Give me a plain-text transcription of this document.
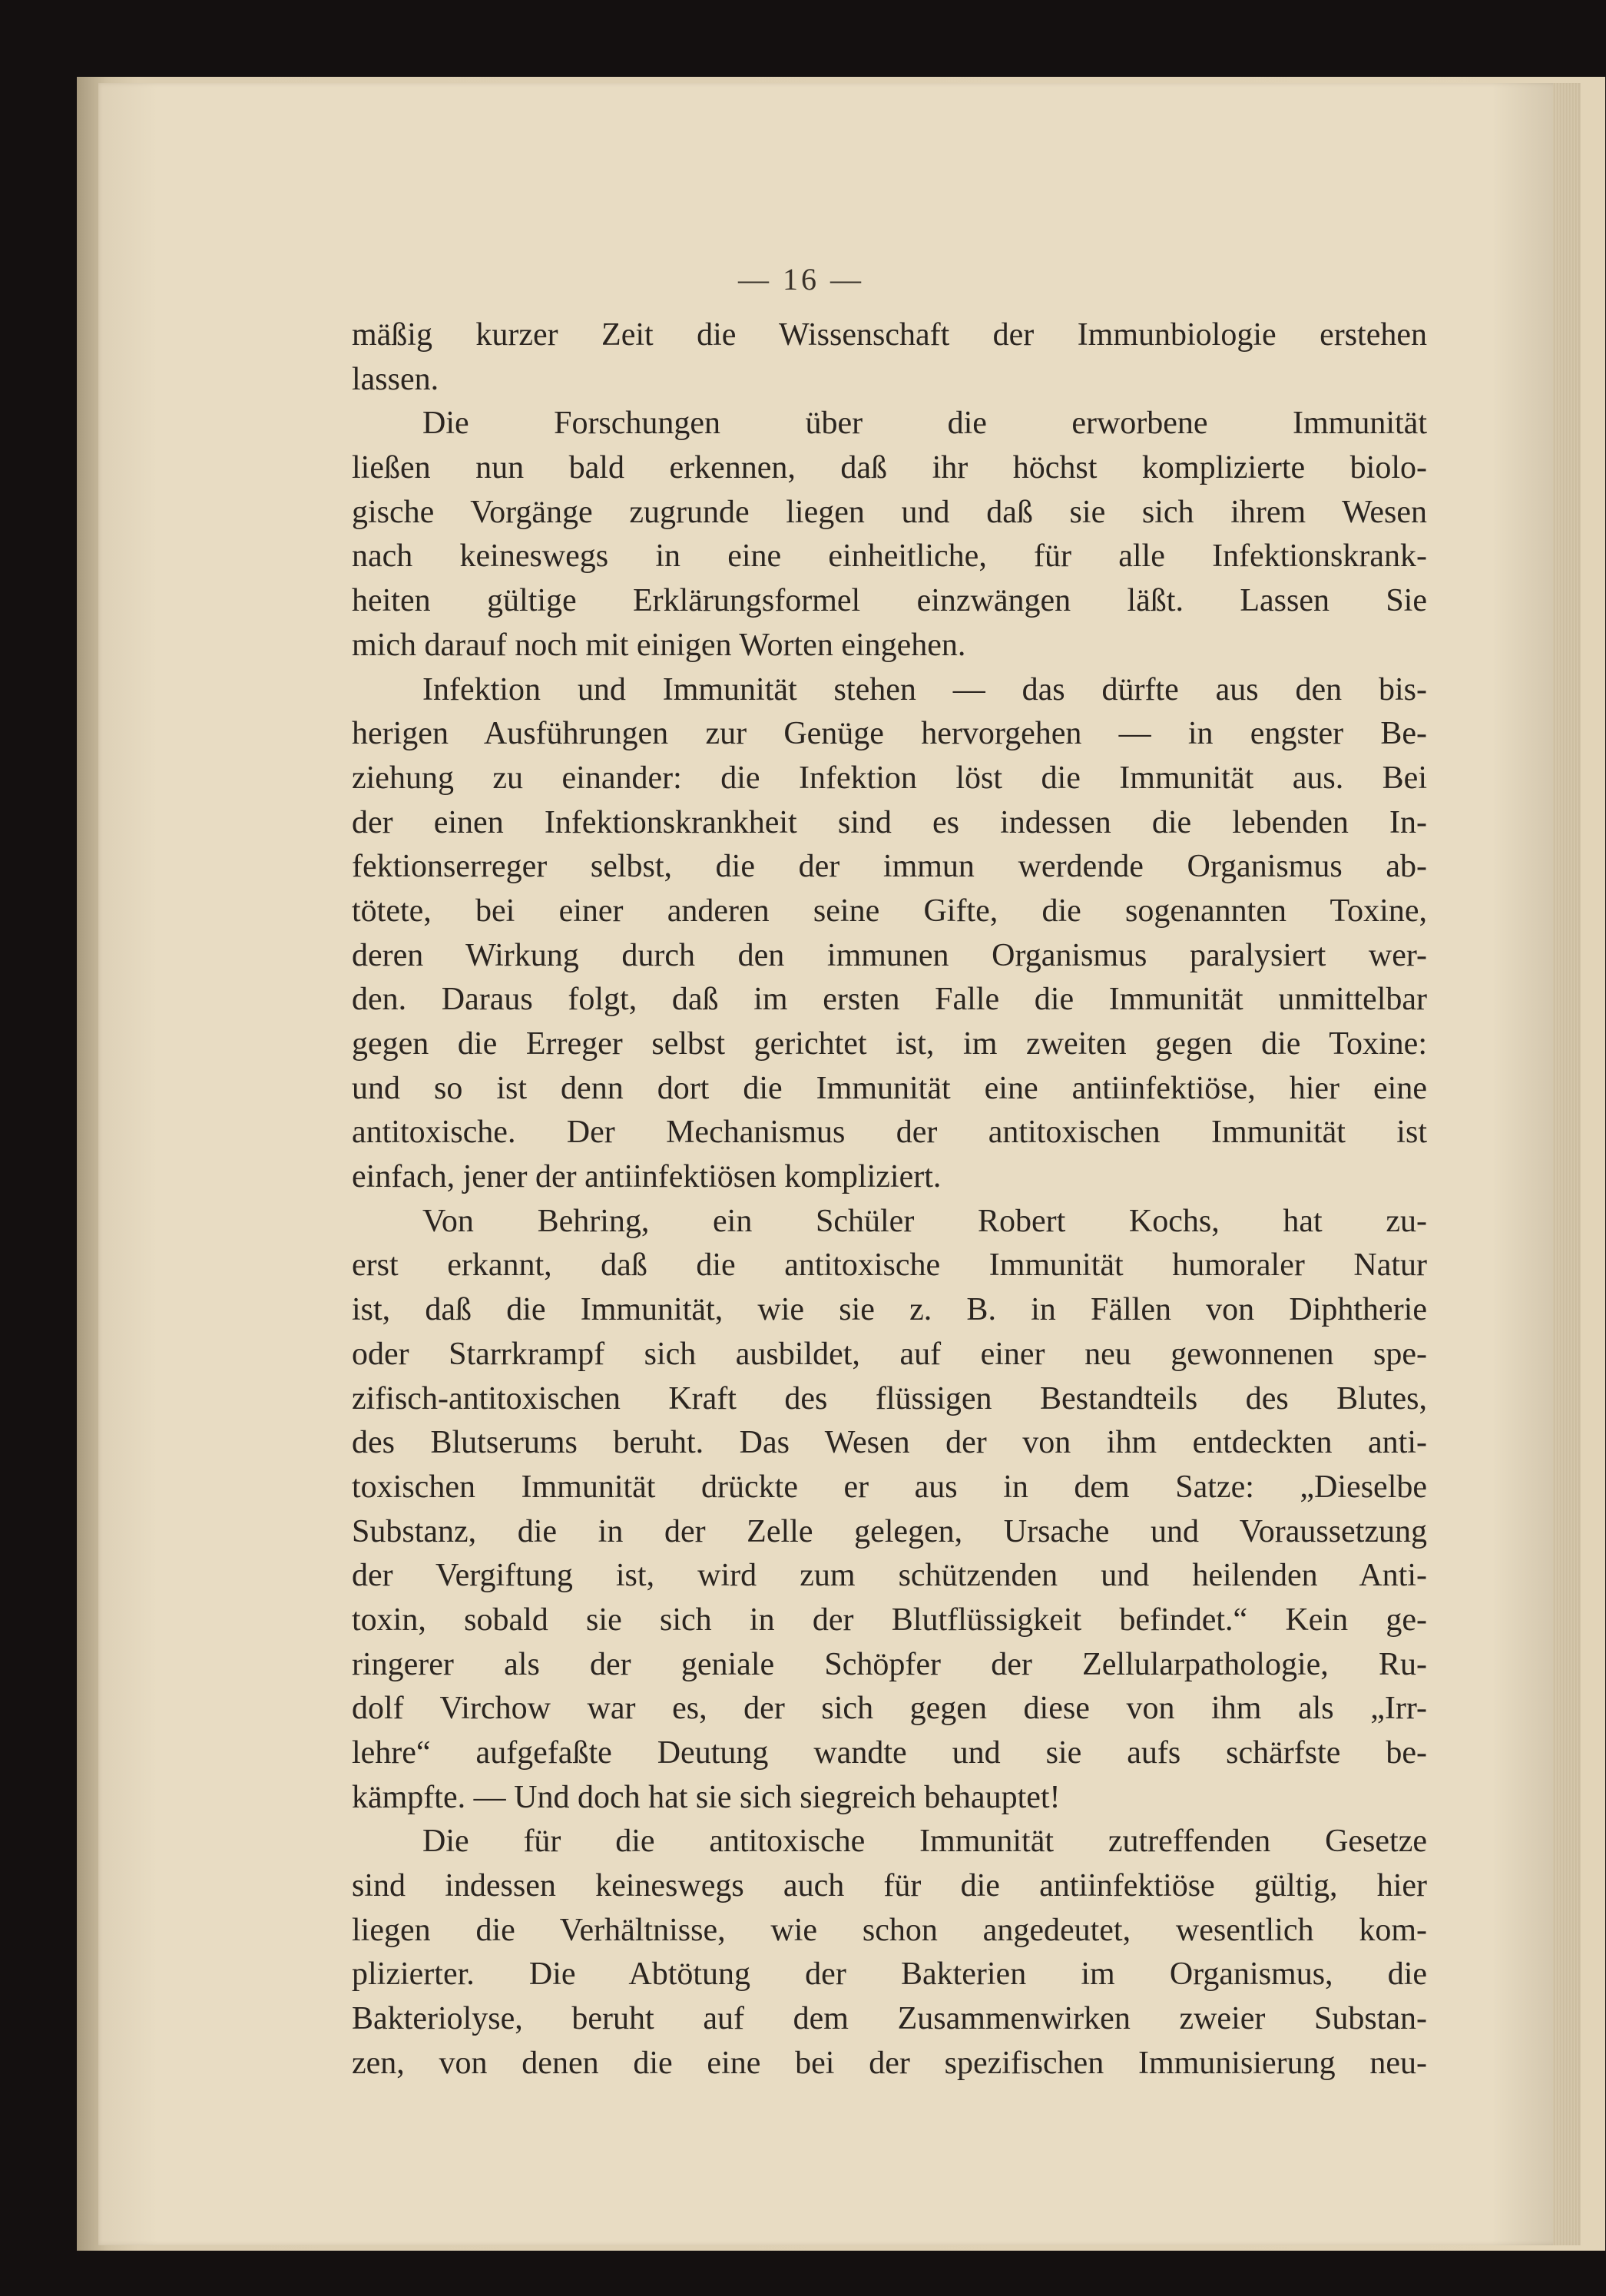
— 16 —
mäßig kurzer Zeit die Wissenschaft der Immunbiologie erstehen
lassen.
Die Forschungen über die erworbene Immunität
ließen nun bald erkennen, daß ihr höchst komplizierte biolo-
gische Vorgänge zugrunde liegen und daß sie sich ihrem Wesen
nach keineswegs in eine einheitliche, für alle Infektionskrank-
heiten gültige Erklärungsformel einzwängen läßt. Lassen Sie
mich darauf noch mit einigen Worten eingehen.
Infektion und Immunität stehen — das dürfte aus den bis-
herigen Ausführungen zur Genüge hervorgehen — in engster Be-
ziehung zu einander: die Infektion löst die Immunität aus. Bei
der einen Infektionskrankheit sind es indessen die lebenden In-
fektionserreger selbst, die der immun werdende Organismus ab-
tötete, bei einer anderen seine Gifte, die sogenannten Toxine,
deren Wirkung durch den immunen Organismus paralysiert wer-
den. Daraus folgt, daß im ersten Falle die Immunität unmittelbar
gegen die Erreger selbst gerichtet ist, im zweiten gegen die Toxine:
und so ist denn dort die Immunität eine antiinfektiöse, hier eine
antitoxische. Der Mechanismus der antitoxischen Immunität ist
einfach, jener der antiinfektiösen kompliziert.
Von Behring, ein Schüler Robert Kochs, hat zu-
erst erkannt, daß die antitoxische Immunität humoraler Natur
ist, daß die Immunität, wie sie z. B. in Fällen von Diphtherie
oder Starrkrampf sich ausbildet, auf einer neu gewonnenen spe-
zifisch-antitoxischen Kraft des flüssigen Bestandteils des Blutes,
des Blutserums beruht. Das Wesen der von ihm entdeckten anti-
toxischen Immunität drückte er aus in dem Satze: „Dieselbe
Substanz, die in der Zelle gelegen, Ursache und Voraussetzung
der Vergiftung ist, wird zum schützenden und heilenden Anti-
toxin, sobald sie sich in der Blutflüssigkeit befindet.“ Kein ge-
ringerer als der geniale Schöpfer der Zellularpathologie, Ru-
dolf Virchow war es, der sich gegen diese von ihm als „Irr-
lehre“ aufgefaßte Deutung wandte und sie aufs schärfste be-
kämpfte. — Und doch hat sie sich siegreich behauptet!
Die für die antitoxische Immunität zutreffenden Gesetze
sind indessen keineswegs auch für die antiinfektiöse gültig, hier
liegen die Verhältnisse, wie schon angedeutet, wesentlich kom-
plizierter. Die Abtötung der Bakterien im Organismus, die
Bakteriolyse, beruht auf dem Zusammenwirken zweier Substan-
zen, von denen die eine bei der spezifischen Immunisierung neu-
